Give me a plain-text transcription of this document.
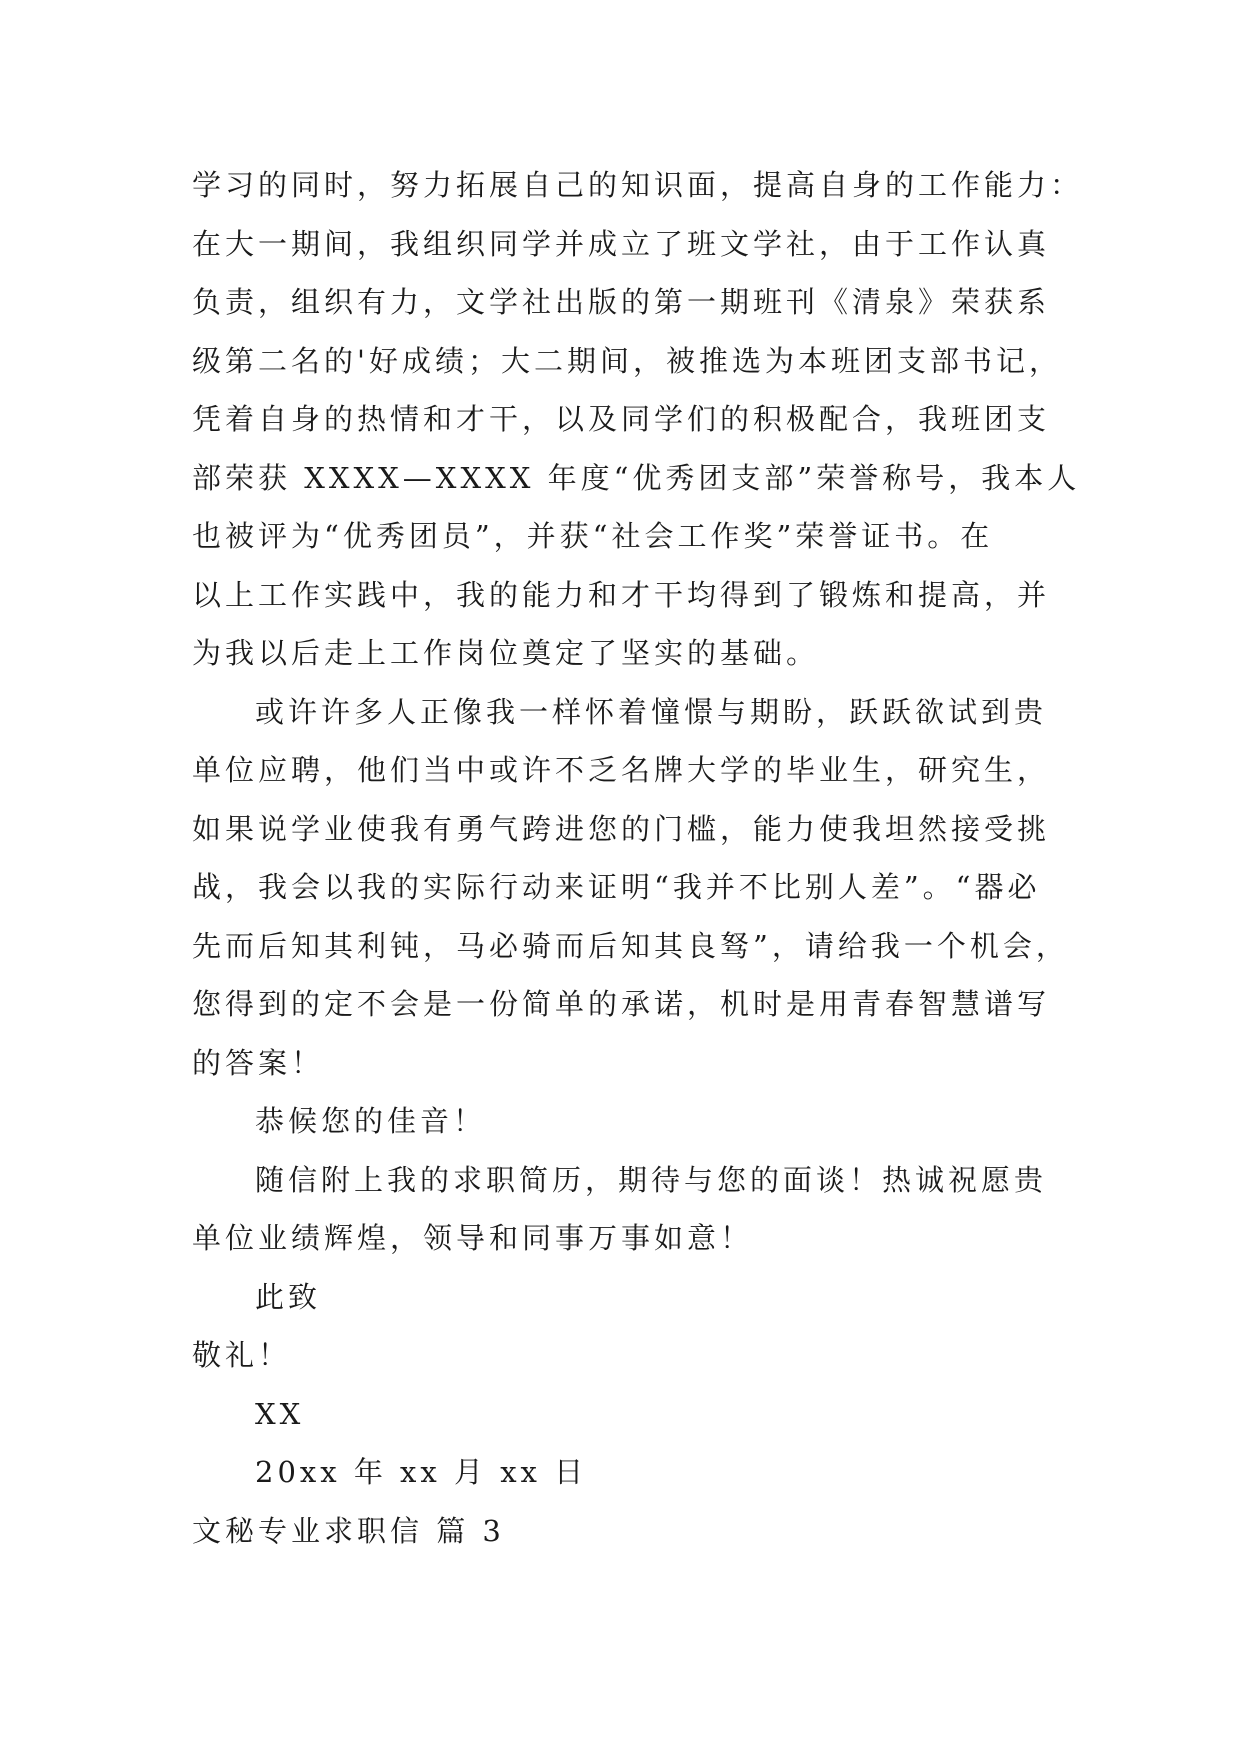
学习的同时，努力拓展自己的知识面，提高自身的工作能力：
在大一期间，我组织同学并成立了班文学社，由于工作认真
负责，组织有力，文学社出版的第一期班刊《清泉》荣获系
级第二名的'好成绩；大二期间，被推选为本班团支部书记，
凭着自身的热情和才干，以及同学们的积极配合，我班团支
部荣获 XXXX—XXXX 年度“优秀团支部”荣誉称号，我本人
也被评为“优秀团员”，并获“社会工作奖”荣誉证书。在
以上工作实践中，我的能力和才干均得到了锻炼和提高，并
为我以后走上工作岗位奠定了坚实的基础。
或许许多人正像我一样怀着憧憬与期盼，跃跃欲试到贵
单位应聘，他们当中或许不乏名牌大学的毕业生，研究生，
如果说学业使我有勇气跨进您的门槛，能力使我坦然接受挑
战，我会以我的实际行动来证明“我并不比别人差”。“器必
先而后知其利钝，马必骑而后知其良驽”，请给我一个机会，
您得到的定不会是一份简单的承诺，机时是用青春智慧谱写
的答案！
恭候您的佳音！
随信附上我的求职简历，期待与您的面谈！热诚祝愿贵
单位业绩辉煌，领导和同事万事如意！
此致
敬礼！
XX
20xx 年 xx 月 xx 日
文秘专业求职信 篇 3
